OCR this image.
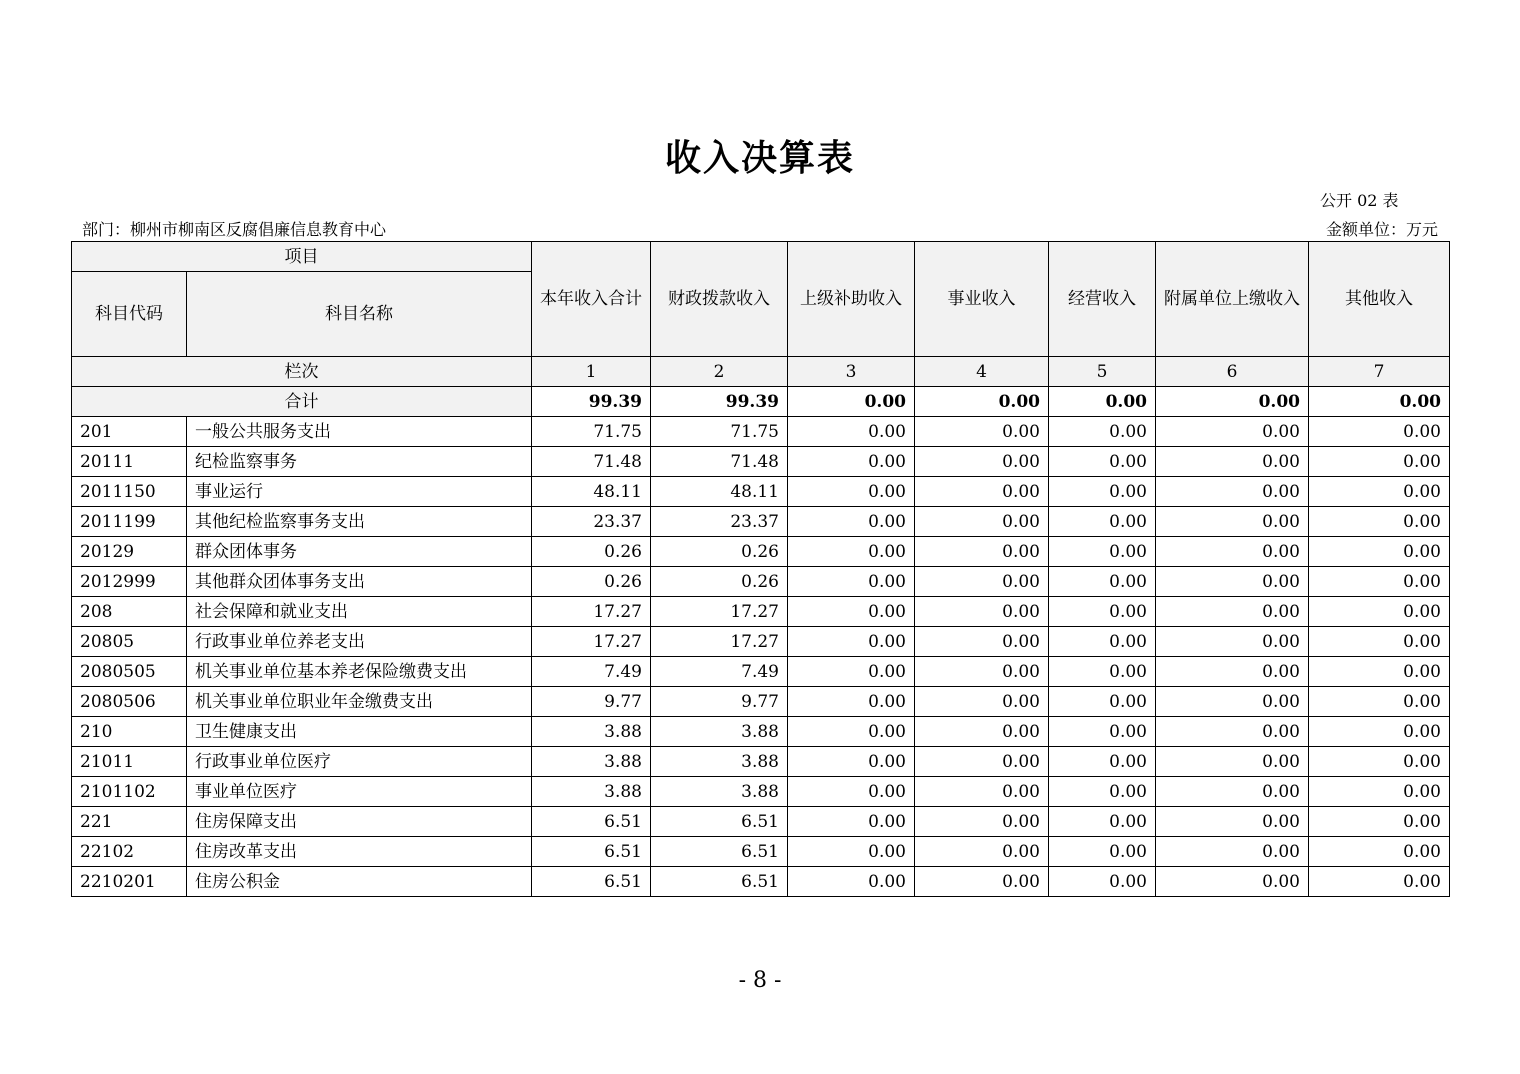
收入决算表
公开 02 表
部门：柳州市柳南区反腐倡廉信息教育中心	金额单位：万元
项目		本年收入合计	财政拨款收入	上级补助收入	事业收入	经营收入	附属单位上缴收入	其他收入
科目代码	科目名称							
栏次		1	2	3	4	5	6	7
合计		99.39	99.39	0.00	0.00	0.00	0.00	0.00
201	一般公共服务支出	71.75	71.75	0.00	0.00	0.00	0.00	0.00
20111	纪检监察事务	71.48	71.48	0.00	0.00	0.00	0.00	0.00
2011150	事业运行	48.11	48.11	0.00	0.00	0.00	0.00	0.00
2011199	其他纪检监察事务支出	23.37	23.37	0.00	0.00	0.00	0.00	0.00
20129	群众团体事务	0.26	0.26	0.00	0.00	0.00	0.00	0.00
2012999	其他群众团体事务支出	0.26	0.26	0.00	0.00	0.00	0.00	0.00
208	社会保障和就业支出	17.27	17.27	0.00	0.00	0.00	0.00	0.00
20805	行政事业单位养老支出	17.27	17.27	0.00	0.00	0.00	0.00	0.00
2080505	机关事业单位基本养老保险缴费支出	7.49	7.49	0.00	0.00	0.00	0.00	0.00
2080506	机关事业单位职业年金缴费支出	9.77	9.77	0.00	0.00	0.00	0.00	0.00
210	卫生健康支出	3.88	3.88	0.00	0.00	0.00	0.00	0.00
21011	行政事业单位医疗	3.88	3.88	0.00	0.00	0.00	0.00	0.00
2101102	事业单位医疗	3.88	3.88	0.00	0.00	0.00	0.00	0.00
221	住房保障支出	6.51	6.51	0.00	0.00	0.00	0.00	0.00
22102	住房改革支出	6.51	6.51	0.00	0.00	0.00	0.00	0.00
2210201	住房公积金	6.51	6.51	0.00	0.00	0.00	0.00	0.00
- 8 -
